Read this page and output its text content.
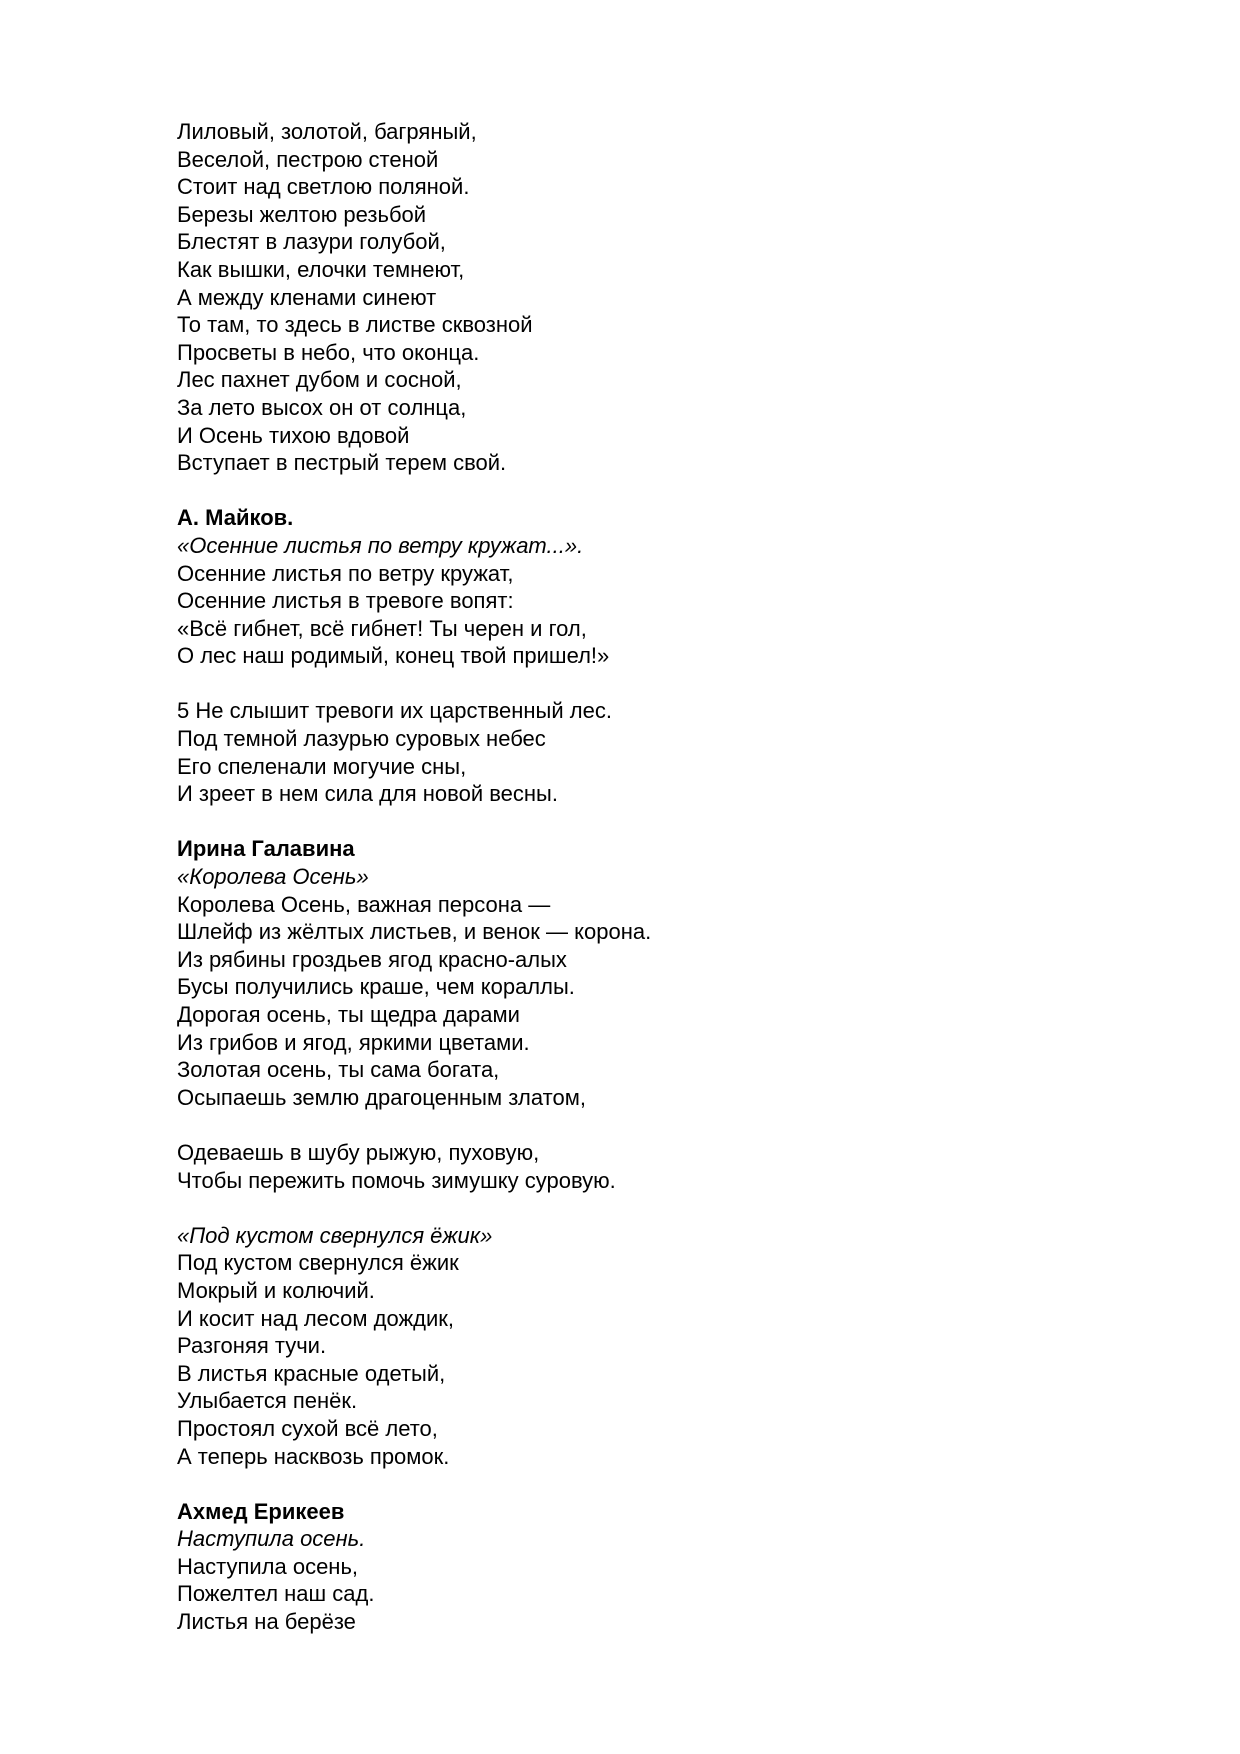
Лиловый, золотой, багряный,
Веселой, пестрою стеной
Стоит над светлою поляной.
Березы желтою резьбой
Блестят в лазури голубой,
Как вышки, елочки темнеют,
А между кленами синеют
То там, то здесь в листве сквозной
Просветы в небо, что оконца.
Лес пахнет дубом и сосной,
За лето высох он от солнца,
И Осень тихою вдовой
Вступает в пестрый терем свой.
А. Майков.
«Осенние листья по ветру кружат...».
Осенние листья по ветру кружат,
Осенние листья в тревоге вопят:
«Всё гибнет, всё гибнет! Ты черен и гол,
О лес наш родимый, конец твой пришел!»
5 Не слышит тревоги их царственный лес.
Под темной лазурью суровых небес
Его спеленали могучие сны,
И зреет в нем сила для новой весны.
Ирина Галавина
«Королева Осень»
Королева Осень, важная персона —
Шлейф из жёлтых листьев, и венок — корона.
Из рябины гроздьев ягод красно-алых
Бусы получились краше, чем кораллы.
Дорогая осень, ты щедра дарами
Из грибов и ягод, яркими цветами.
Золотая осень, ты сама богата,
Осыпаешь землю драгоценным златом,
Одеваешь в шубу рыжую, пуховую,
Чтобы пережить помочь зимушку суровую.
«Под кустом свернулся ёжик»
Под кустом свернулся ёжик
Мокрый и колючий.
И косит над лесом дождик,
Разгоняя тучи.
В листья красные одетый,
Улыбается пенёк.
Простоял сухой всё лето,
А теперь насквозь промок.
Ахмед Ерикеев
Наступила осень.
Наступила осень,
Пожелтел наш сад.
Листья на берёзе
